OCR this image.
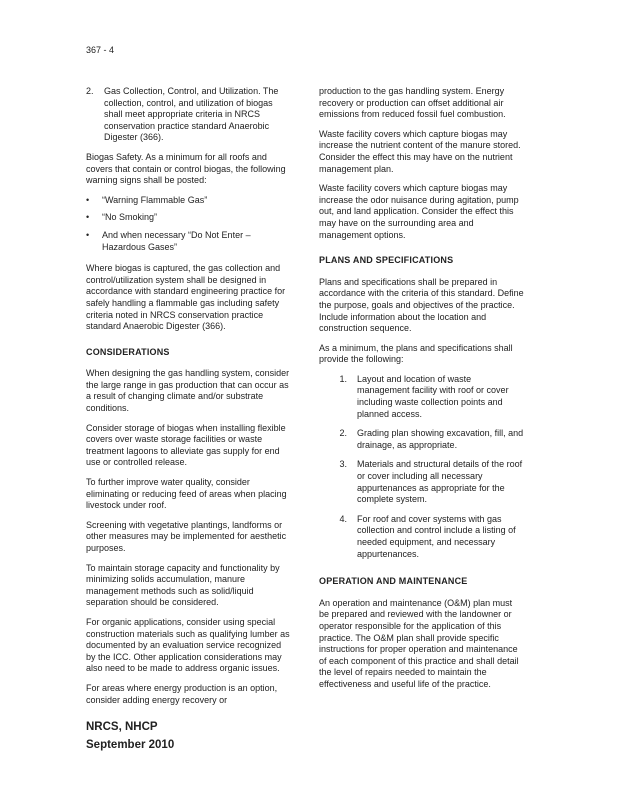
367 - 4
2.	Gas Collection, Control, and Utilization. The collection, control, and utilization of biogas shall meet appropriate criteria in NRCS conservation practice standard Anaerobic Digester (366).

Biogas Safety. As a minimum for all roofs and covers that contain or control biogas, the following warning signs shall be posted:

•	“Warning Flammable Gas”
•	“No Smoking”
•	And when necessary “Do Not Enter – Hazardous Gases”

Where biogas is captured, the gas collection and control/utilization system shall be designed in accordance with standard engineering practice for safely handling a flammable gas including safety criteria noted in NRCS conservation practice standard Anaerobic Digester (366).

CONSIDERATIONS

When designing the gas handling system, consider the large range in gas production that can occur as a result of changing climate and/or substrate conditions.

Consider storage of biogas when installing flexible covers over waste storage facilities or waste treatment lagoons to alleviate gas supply for end use or controlled release.

To further improve water quality, consider eliminating or reducing feed of areas when placing livestock under roof.

Screening with vegetative plantings, landforms or other measures may be implemented for aesthetic purposes.

To maintain storage capacity and functionality by minimizing solids accumulation, manure management methods such as solid/liquid separation should be considered.

For organic applications, consider using special construction materials such as qualifying lumber as documented by an evaluation service recognized by the ICC. Other application considerations may also need to be made to address organic issues.

For areas where energy production is an option, consider adding energy recovery or

production to the gas handling system. Energy recovery or production can offset additional air emissions from reduced fossil fuel combustion.

Waste facility covers which capture biogas may increase the nutrient content of the manure stored. Consider the effect this may have on the nutrient management plan.

Waste facility covers which capture biogas may increase the odor nuisance during agitation, pump out, and land application. Consider the effect this may have on the surrounding area and management options.

PLANS AND SPECIFICATIONS

Plans and specifications shall be prepared in accordance with the criteria of this standard. Define the purpose, goals and objectives of the practice. Include information about the location and construction sequence.

As a minimum, the plans and specifications shall provide the following:

1.	Layout and location of waste management facility with roof or cover including waste collection points and planned access.
2.	Grading plan showing excavation, fill, and drainage, as appropriate.
3.	Materials and structural details of the roof or cover including all necessary appurtenances as appropriate for the complete system.
4.	For roof and cover systems with gas collection and control include a listing of needed equipment, and necessary appurtenances.
OPERATION AND MAINTENANCE

An operation and maintenance (O&M) plan must be prepared and reviewed with the landowner or operator responsible for the application of this practice. The O&M plan shall provide specific instructions for proper operation and maintenance of each component of this practice and shall detail the level of repairs needed to maintain the effectiveness and useful life of the practice.

NRCS, NHCP
September 2010
